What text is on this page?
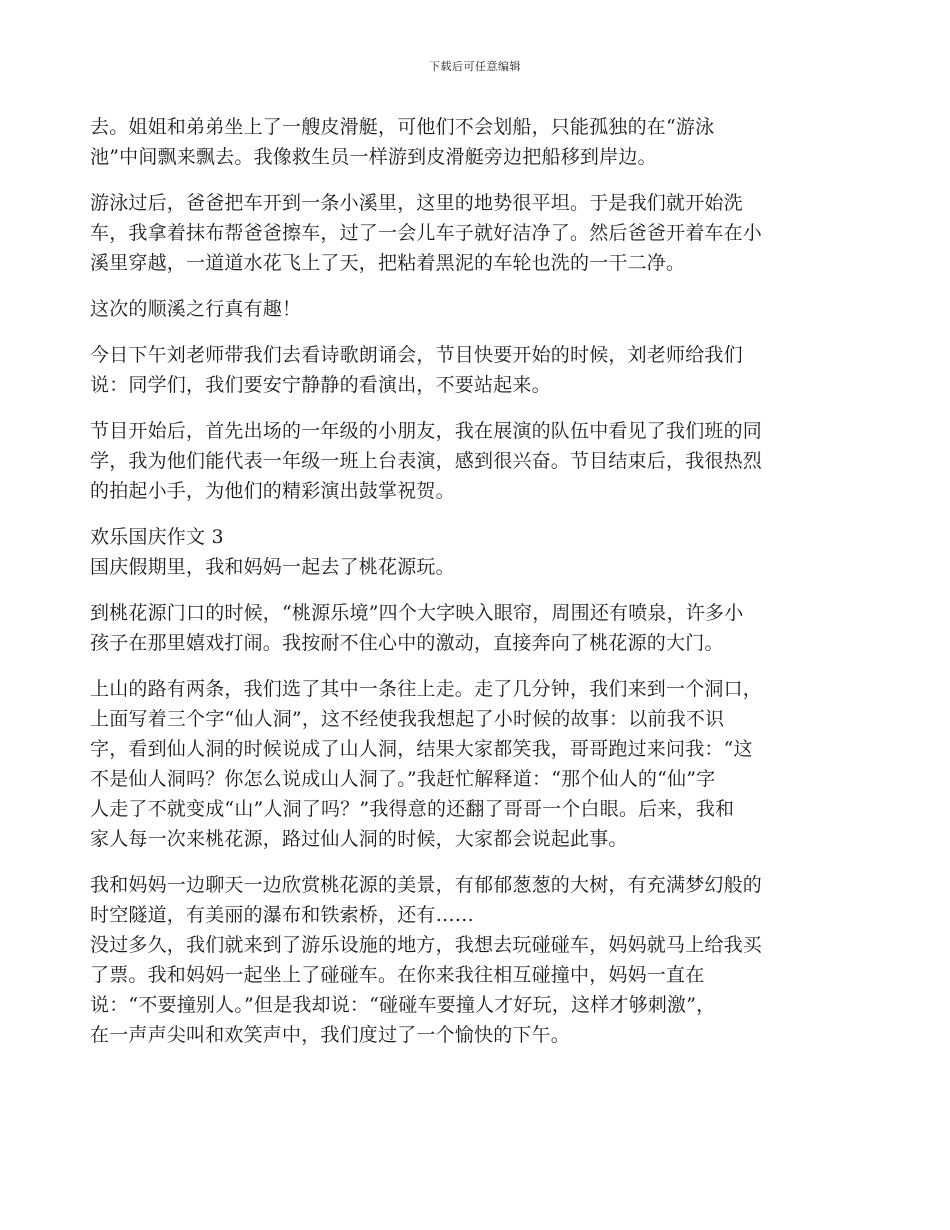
下载后可任意编辑
去。姐姐和弟弟坐上了一艘皮滑艇，可他们不会划船，只能孤独的在“游泳
池”中间飘来飘去。我像救生员一样游到皮滑艇旁边把船移到岸边。
游泳过后，爸爸把车开到一条小溪里，这里的地势很平坦。于是我们就开始洗
车，我拿着抹布帮爸爸擦车，过了一会儿车子就好洁净了。然后爸爸开着车在小
溪里穿越，一道道水花飞上了天，把粘着黑泥的车轮也洗的一干二净。
这次的顺溪之行真有趣！
今日下午刘老师带我们去看诗歌朗诵会，节目快要开始的时候，刘老师给我们
说：同学们，我们要安宁静静的看演出，不要站起来。
节目开始后，首先出场的一年级的小朋友，我在展演的队伍中看见了我们班的同
学，我为他们能代表一年级一班上台表演，感到很兴奋。节目结束后，我很热烈
的拍起小手，为他们的精彩演出鼓掌祝贺。
欢乐国庆作文 3
国庆假期里，我和妈妈一起去了桃花源玩。
到桃花源门口的时候，“桃源乐境”四个大字映入眼帘，周围还有喷泉，许多小
孩子在那里嬉戏打闹。我按耐不住心中的激动，直接奔向了桃花源的大门。
上山的路有两条，我们选了其中一条往上走。走了几分钟，我们来到一个洞口，
上面写着三个字“仙人洞”，这不经使我我想起了小时候的故事：以前我不识
字，看到仙人洞的时候说成了山人洞，结果大家都笑我，哥哥跑过来问我：“这
不是仙人洞吗？你怎么说成山人洞了。”我赶忙解释道：“那个仙人的“仙”字
人走了不就变成“山”人洞了吗？”我得意的还翻了哥哥一个白眼。后来，我和
家人每一次来桃花源，路过仙人洞的时候，大家都会说起此事。
我和妈妈一边聊天一边欣赏桃花源的美景，有郁郁葱葱的大树，有充满梦幻般的
时空隧道，有美丽的瀑布和铁索桥，还有……
没过多久，我们就来到了游乐设施的地方，我想去玩碰碰车，妈妈就马上给我买
了票。我和妈妈一起坐上了碰碰车。在你来我往相互碰撞中，妈妈一直在
说：“不要撞别人。”但是我却说：“碰碰车要撞人才好玩，这样才够刺激”，
在一声声尖叫和欢笑声中，我们度过了一个愉快的下午。
